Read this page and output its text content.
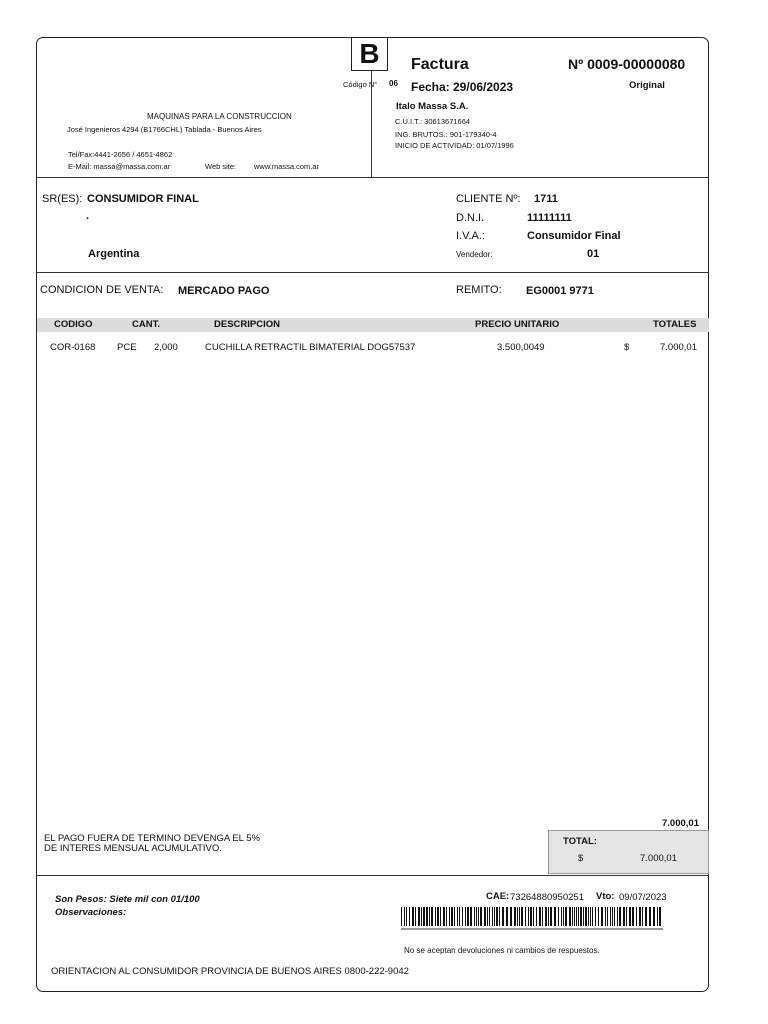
B
Código N° 06
Factura	Nº 0009-00000080
Original
Fecha: 29/06/2023
Italo Massa S.A.
C.U.I.T.: 30613671664
ING. BRUTOS.: 901-179340-4
INICIO DE ACTIVIDAD: 01/07/1996
MAQUINAS PARA LA CONSTRUCCION
José Ingenieros 4294 (B1766CHL) Tablada - Buenos Aires
Tel/Fax:4441-2656 / 4651-4862
E-Mail: massa@massa.com.ar	Web site: www.massa.com.ar
SR(ES): CONSUMIDOR FINAL
.
Argentina
CLIENTE Nº: 1711
D.N.I.	11111111
I.V.A.:	Consumidor Final
Vendedor:	01
CONDICION DE VENTA: MERCADO PAGO	REMITO: EG0001 9771
CODIGO	CANT.	DESCRIPCION	PRECIO UNITARIO	TOTALES
COR-0168 PCE 2,000	CUCHILLA RETRACTIL BIMATERIAL DOG57537	3.500,0049	$	7.000,01
7.000,01
EL PAGO FUERA DE TERMINO DEVENGA EL 5%
DE INTERES MENSUAL ACUMULATIVO.
TOTAL:
$	7.000,01
Son Pesos: Siete mil con 01/100
Observaciones:
CAE: 73264880950251 Vto: 09/07/2023
No se aceptan devoluciones ni cambios de respuestos.
ORIENTACION AL CONSUMIDOR PROVINCIA DE BUENOS AIRES 0800-222-9042
